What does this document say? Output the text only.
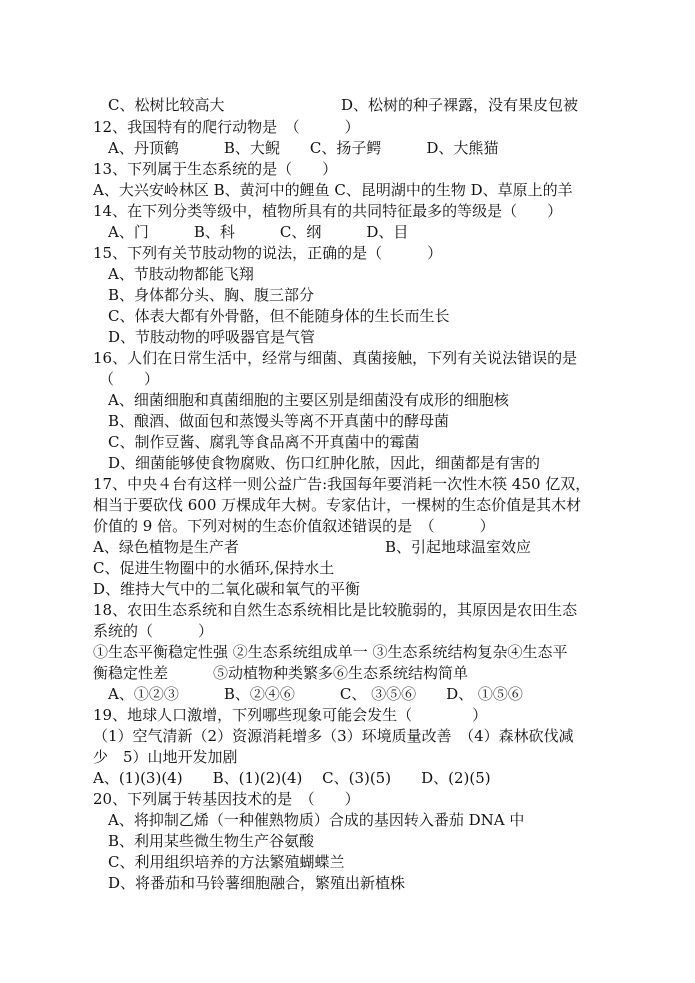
C、松树比较高大	D、松树的种子裸露，没有果皮包被

12、我国特有的爬行动物是　（　　　）

A、丹顶鹤　　　B、大鲵　　C、扬子鳄　　　D、大熊猫

13、下列属于生态系统的是（　　）

A、大兴安岭林区 B、黄河中的鲤鱼 C、昆明湖中的生物 D、草原上的羊

14、在下列分类等级中，植物所具有的共同特征最多的等级是（　　）

A、门　　　B、科　　　C、纲　　　D、目

15、下列有关节肢动物的说法，正确的是（　　　）

A、节肢动物都能飞翔

B、身体都分头、胸、腹三部分

C、体表大都有外骨骼，但不能随身体的生长而生长

D、节肢动物的呼吸器官是气管

16、人们在日常生活中，经常与细菌、真菌接触，下列有关说法错误的是

（　　）

A、细菌细胞和真菌细胞的主要区别是细菌没有成形的细胞核

B、酿酒、做面包和蒸馒头等离不开真菌中的酵母菌

C、制作豆酱、腐乳等食品离不开真菌中的霉菌

D、细菌能够使食物腐败、伤口红肿化脓，因此，细菌都是有害的

17、中央４台有这样一则公益广告:我国每年要消耗一次性木筷 450 亿双，

相当于要砍伐 600 万棵成年大树。专家估计，一棵树的生态价值是其木材

价值的 9 倍。下列对树的生态价值叙述错误的是　（　　　）

A、绿色植物是生产者	B、引起地球温室效应

C、促进生物圈中的水循环,保持水土

D、维持大气中的二氧化碳和氧气的平衡

18、农田生态系统和自然生态系统相比是比较脆弱的，其原因是农田生态

系统的（　　　）

①生态平衡稳定性强 ②生态系统组成单一 ③生态系统结构复杂④生态平

衡稳定性差　　　⑤动植物种类繁多⑥生态系统结构简单

A、①②③　　　B、②④⑥　　　C、 ③⑤⑥　　D、 ①⑤⑥

19、地球人口激增，下列哪些现象可能会发生（　　　　）

（1）空气清新（2）资源消耗增多（3）环境质量改善　（4）森林砍伐减

少　5）山地开发加剧

A、(1)(3)(4)　　B、(1)(2)(4)　 C、(3)(5)　　D、(2)(5)

20、下列属于转基因技术的是　（　　）

A、将抑制乙烯（一种催熟物质）合成的基因转入番茄 DNA 中

B、利用某些微生物生产谷氨酸

C、利用组织培养的方法繁殖蝴蝶兰

D、将番茄和马铃薯细胞融合，繁殖出新植株
